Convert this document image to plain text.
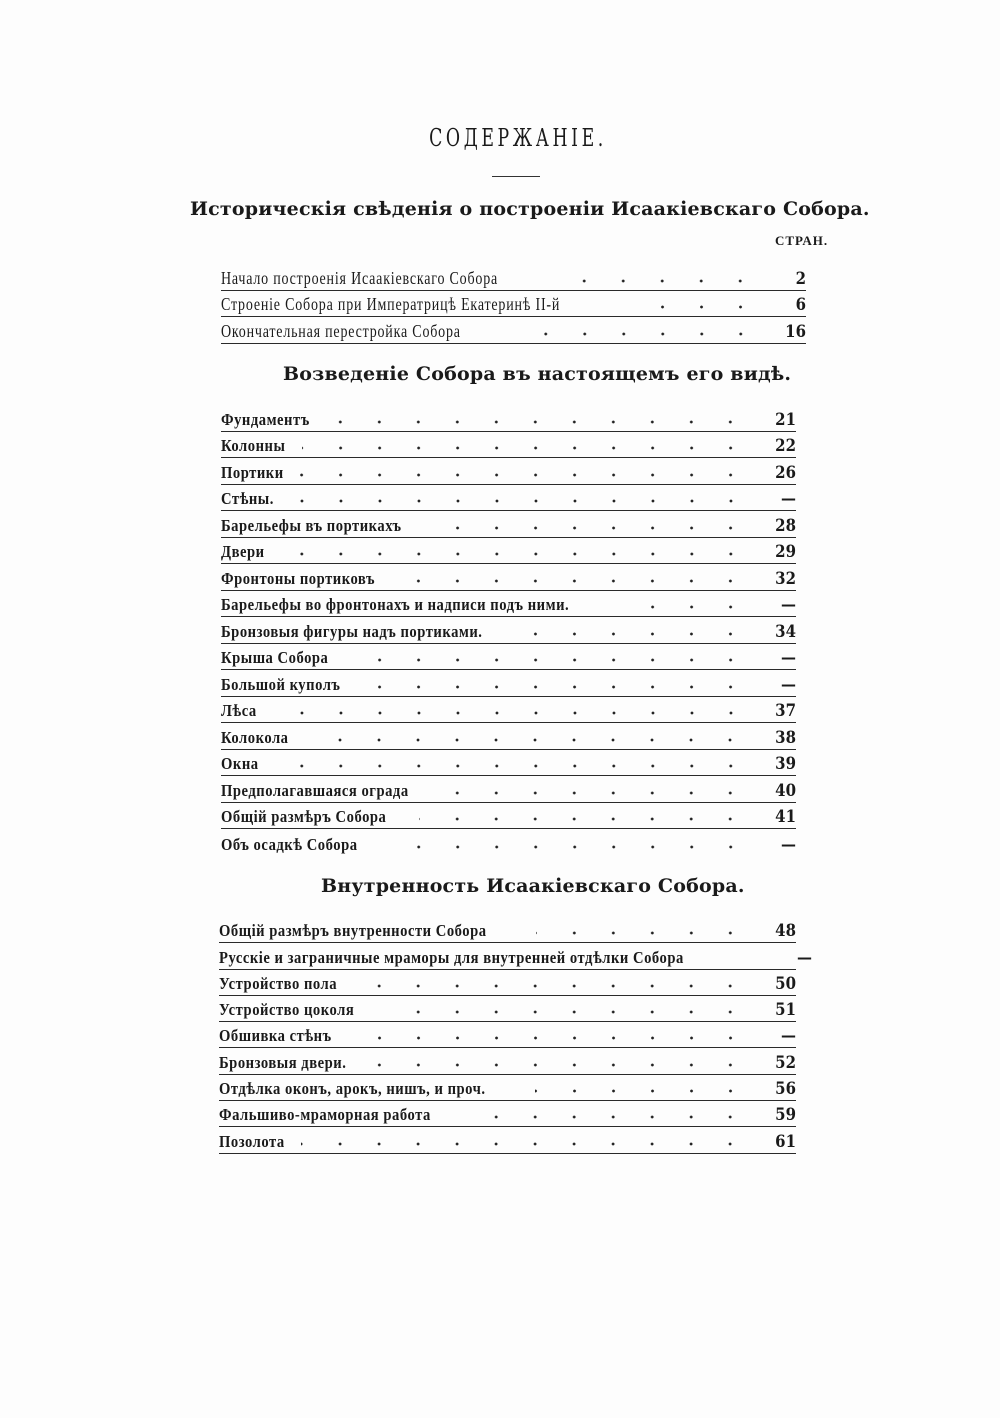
СОДЕРЖАНІЕ.
Историческія свѣденія о построеніи Исаакіевскаго Собора.
СТРАН.
Начало построенія Исаакіевскаго Собора	2
Строеніе Собора при Императрицѣ Екатеринѣ II-й	6
Окончательная перестройка Собора	16
Возведеніе Собора въ настоящемъ его видѣ.
Фундаментъ	21
Колонны	22
Портики	26
Стѣны.	—
Барельефы въ портикахъ	28
Двери	29
Фронтоны портиковъ	32
Барельефы во фронтонахъ и надписи подъ ними.	—
Бронзовыя фигуры надъ портиками.	34
Крыша Собора	—
Большой куполъ	—
Лѣса	37
Колокола	38
Окна	39
Предполагавшаяся ограда	40
Общій размѣръ Собора	41
Объ осадкѣ Собора	—
Внутренность Исаакіевскаго Собора.
Общій размѣръ внутренности Собора	48
Русскіе и заграничные мраморы для внутренней отдѣлки Собора	—
Устройство пола	50
Устройство цоколя	51
Обшивка стѣнъ	—
Бронзовыя двери.	52
Отдѣлка оконъ, арокъ, нишъ, и проч.	56
Фальшиво-мраморная работа	59
Позолота	61
